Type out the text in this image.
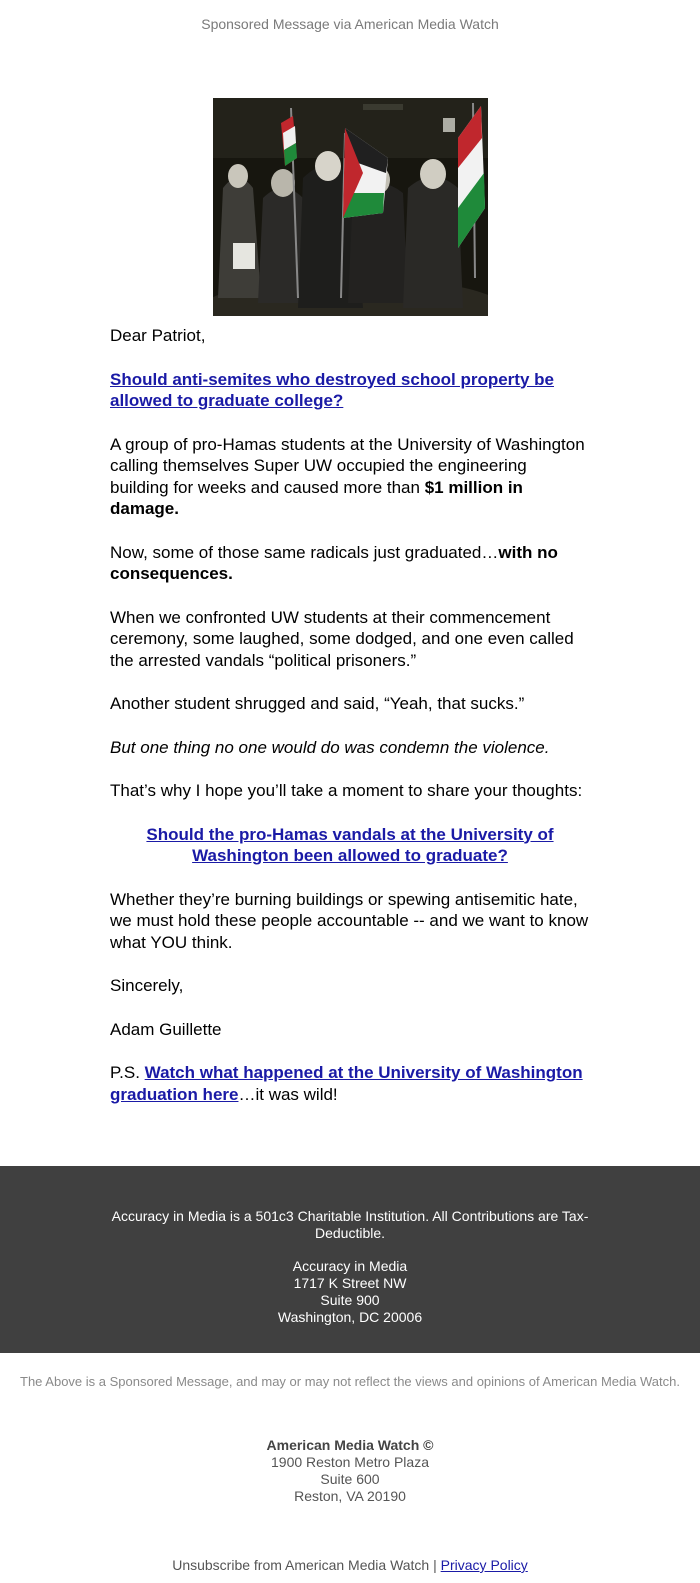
Sponsored Message via American Media Watch

Dear Patriot,

Should anti-semites who destroyed school property be allowed to graduate college?

A group of pro-Hamas students at the University of Washington calling themselves Super UW occupied the engineering building for weeks and caused more than $1 million in damage.

Now, some of those same radicals just graduated…with no consequences.

When we confronted UW students at their commencement ceremony, some laughed, some dodged, and one even called the arrested vandals “political prisoners.”

Another student shrugged and said, “Yeah, that sucks.”

But one thing no one would do was condemn the violence.

That’s why I hope you’ll take a moment to share your thoughts:

Should the pro-Hamas vandals at the University of Washington been allowed to graduate?

Whether they’re burning buildings or spewing antisemitic hate, we must hold these people accountable -- and we want to know what YOU think.

Sincerely,

Adam Guillette

P.S. Watch what happened at the University of Washington graduation here…it was wild!

Accuracy in Media is a 501c3 Charitable Institution. All Contributions are Tax-Deductible.
Accuracy in Media
1717 K Street NW
Suite 900
Washington, DC 20006
The Above is a Sponsored Message, and may or may not reflect the views and opinions of American Media Watch.
American Media Watch ©
1900 Reston Metro Plaza
Suite 600
Reston, VA 20190
Unsubscribe from American Media Watch | Privacy Policy
